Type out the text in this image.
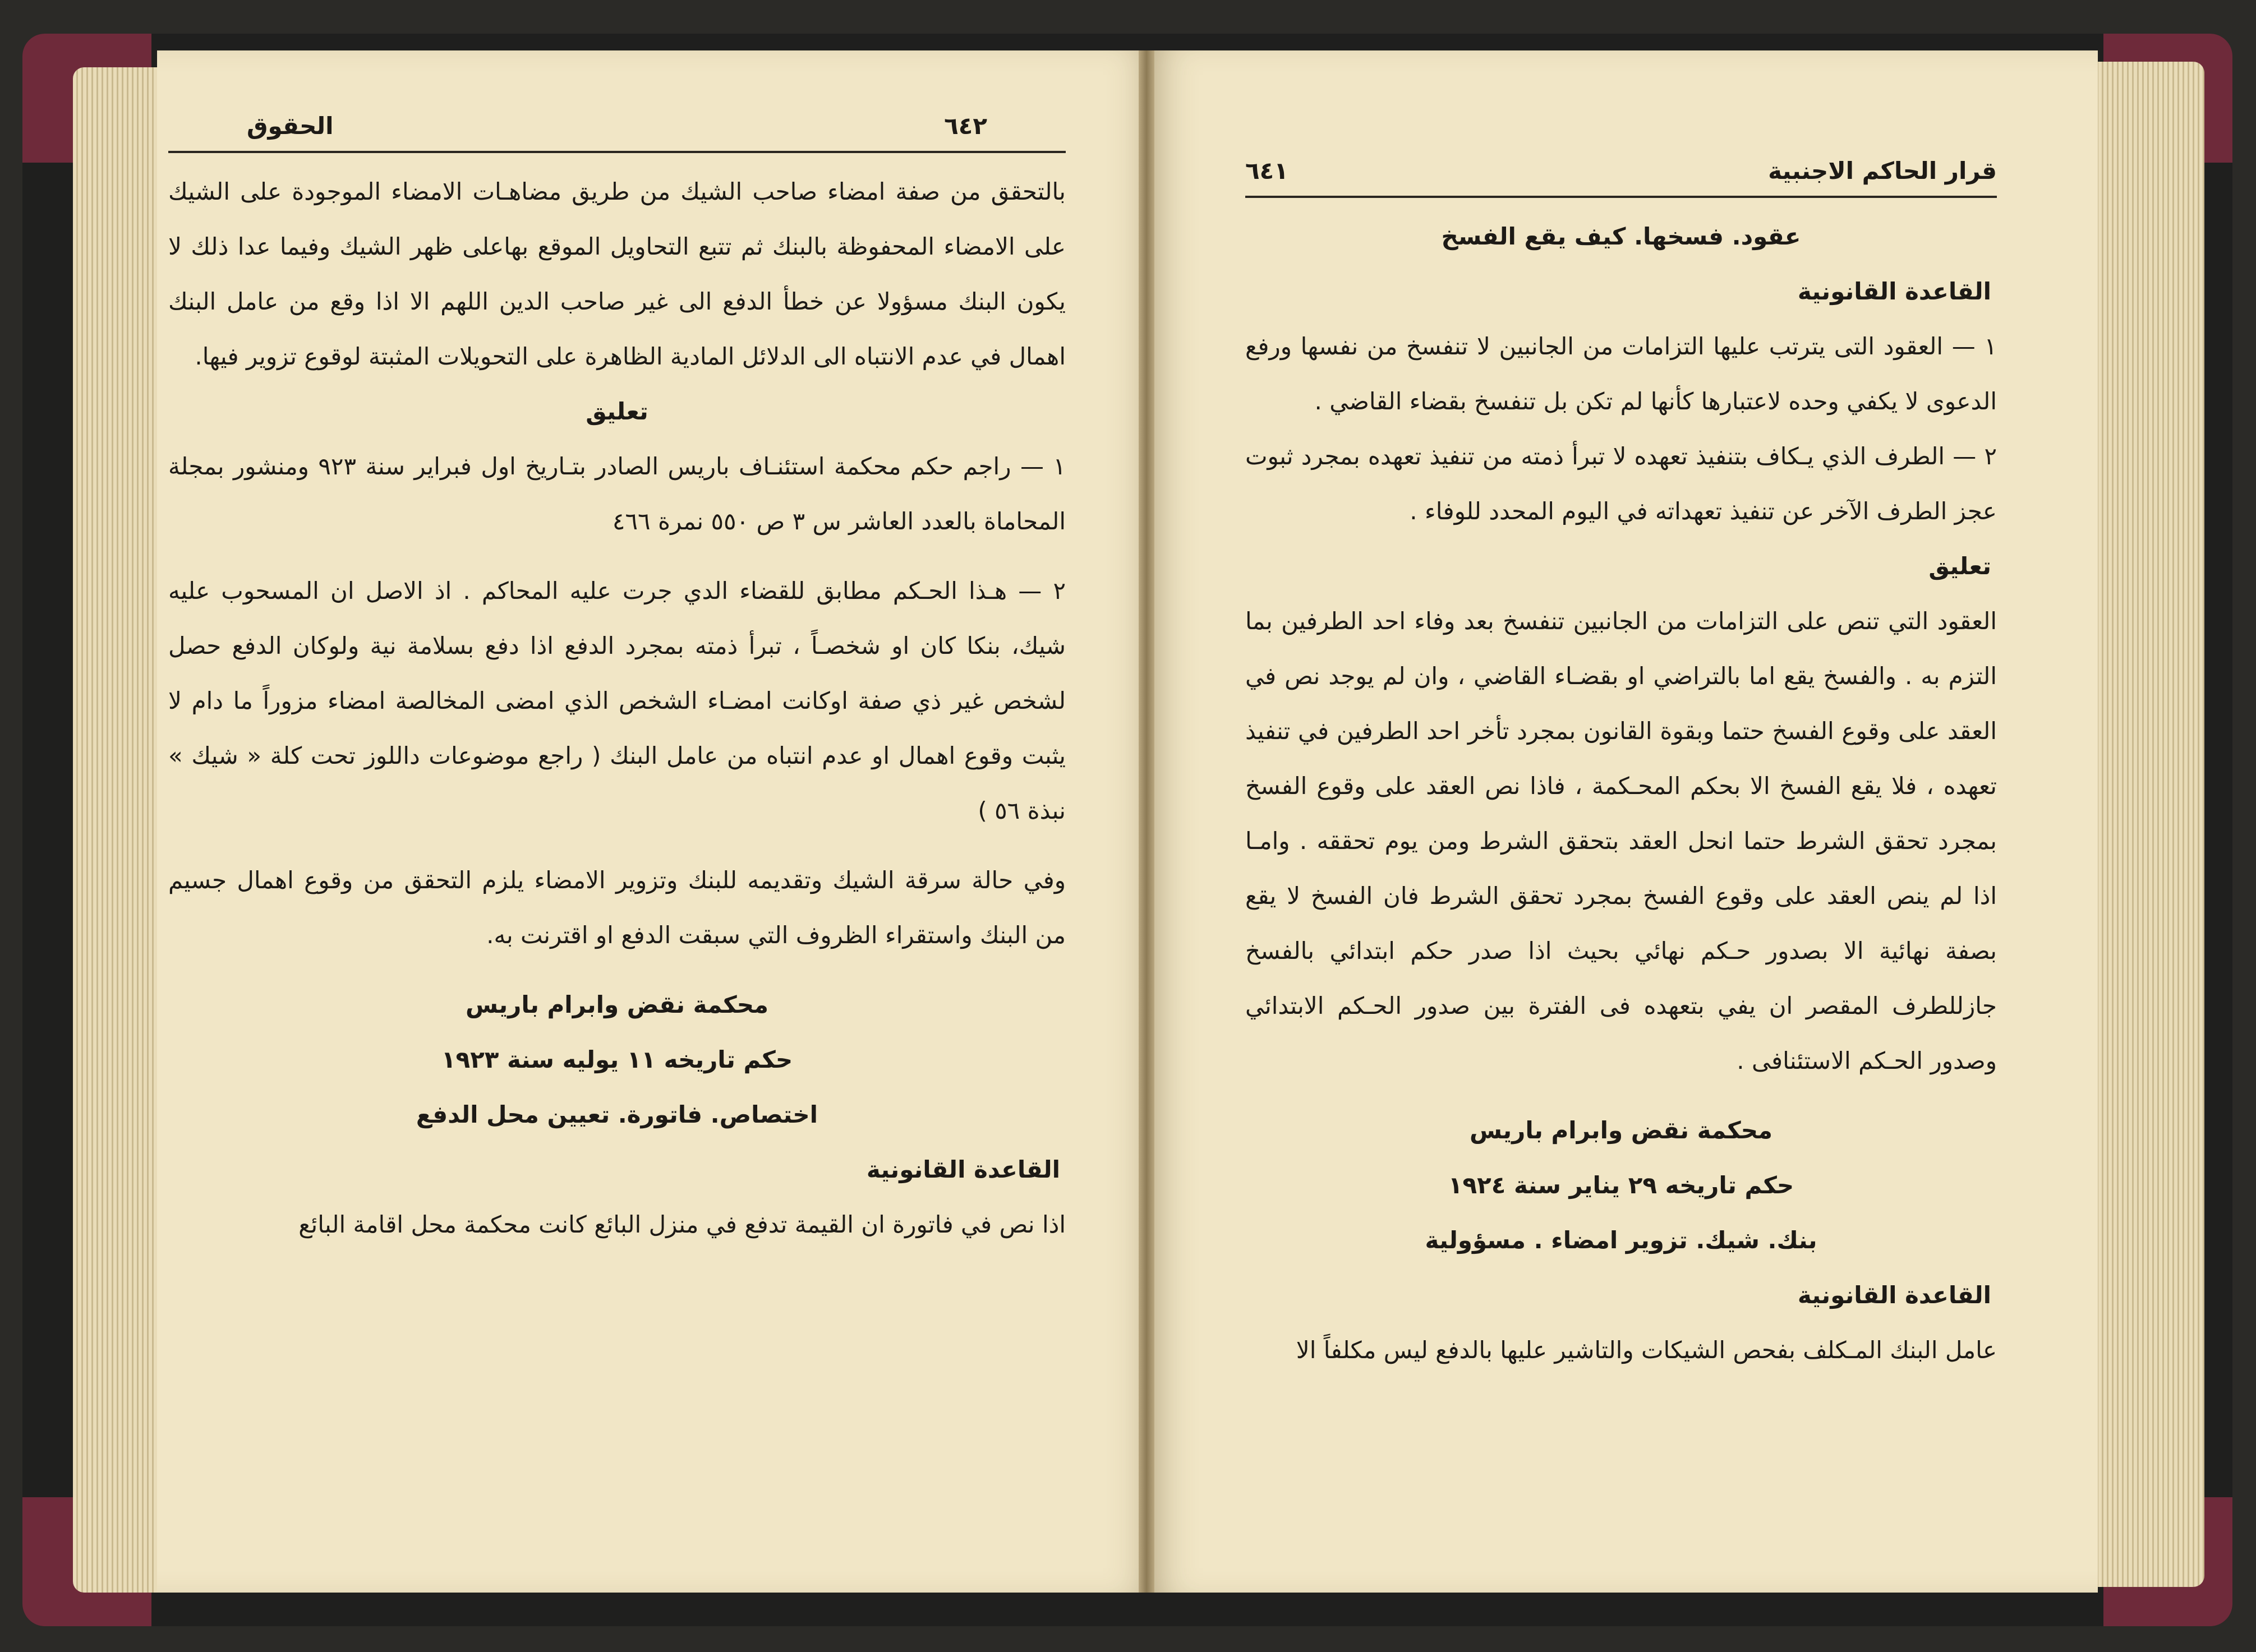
٦٤٢
الحقوق

بالتحقق من صفة امضاء صاحب الشيك من طريق مضاهـات الامضاء الموجودة على الشيك على الامضاء المحفوظة بالبنك ثم تتبع التحاويل الموقع بهاعلى ظهر الشيك وفيما عدا ذلك لا يكون البنك مسؤولا عن خطأ الدفع الى غير صاحب الدين اللهم الا اذا وقع من عامل البنك اهمال في عدم الانتباه الى الدلائل المادية الظاهرة على التحويلات المثبتة لوقوع تزوير فيها.

تعليق

١ — راجم حكم محكمة استئنـاف باريس الصادر بتـاريخ اول فبراير سنة ٩٢٣ ومنشور بمجلة المحاماة بالعدد العاشر س ٣ ص ٥٥٠ نمرة ٤٦٦

٢ — هـذا الحـكم مطابق للقضاء الدي جرت عليه المحاكم . اذ الاصل ان المسحوب عليه شيك، بنكا كان او شخصـاً ، تبرأ ذمته بمجرد الدفع اذا دفع بسلامة نية ولوكان الدفع حصل لشخص غير ذي صفة اوكانت امضـاء الشخص الذي امضى المخالصة امضاء مزوراً ما دام لا يثبت وقوع اهمال او عدم انتباه من عامل البنك ( راجع موضوعات داللوز تحت كلة « شيك » نبذة ٥٦ )

وفي حالة سرقة الشيك وتقديمه للبنك وتزوير الامضاء يلزم التحقق من وقوع اهمال جسيم من البنك واستقراء الظروف التي سبقت الدفع او اقترنت به.

محكمة نقض وابرام باريس

حكم تاريخه ١١ يوليه سنة ١٩٢٣

اختصاص. فاتورة. تعيين محل الدفع

القاعدة القانونية

اذا نص في فاتورة ان القيمة تدفع في منزل البائع كانت محكمة محل اقامة البائع

قرار الحاكم الاجنبية
٦٤١

عقود. فسخها. كيف يقع الفسخ

القاعدة القانونية

١ — العقود التى يترتب عليها التزامات من الجانبين لا تنفسخ من نفسها ورفع الدعوى لا يكفي وحده لاعتبارها كأنها لم تكن بل تنفسخ بقضاء القاضي .

٢ — الطرف الذي يـكاف بتنفيذ تعهده لا تبرأ ذمته من تنفيذ تعهده بمجرد ثبوت عجز الطرف الآخر عن تنفيذ تعهداته في اليوم المحدد للوفاء .

تعليق

العقود التي تنص على التزامات من الجانبين تنفسخ بعد وفاء احد الطرفين بما التزم به . والفسخ يقع اما بالتراضي او بقضـاء القاضي ، وان لم يوجد نص في العقد على وقوع الفسخ حتما وبقوة القانون بمجرد تأخر احد الطرفين في تنفيذ تعهده ، فلا يقع الفسخ الا بحكم المحـكمة ، فاذا نص العقد على وقوع الفسخ بمجرد تحقق الشرط حتما انحل العقد بتحقق الشرط ومن يوم تحققه . وامـا اذا لم ينص العقد على وقوع الفسخ بمجرد تحقق الشرط فان الفسخ لا يقع بصفة نهائية الا بصدور حـكم نهائي بحيث اذا صدر حكم ابتدائي بالفسخ جازللطرف المقصر ان يفي بتعهده فى الفترة بين صدور الحـكم الابتدائي وصدور الحـكم الاستئنافى .

محكمة نقض وابرام باريس

حكم تاريخه ٢٩ يناير سنة ١٩٢٤

بنك. شيك. تزوير امضاء . مسؤولية

القاعدة القانونية

عامل البنك المـكلف بفحص الشيكات والتاشير عليها بالدفع ليس مكلفاً الا
